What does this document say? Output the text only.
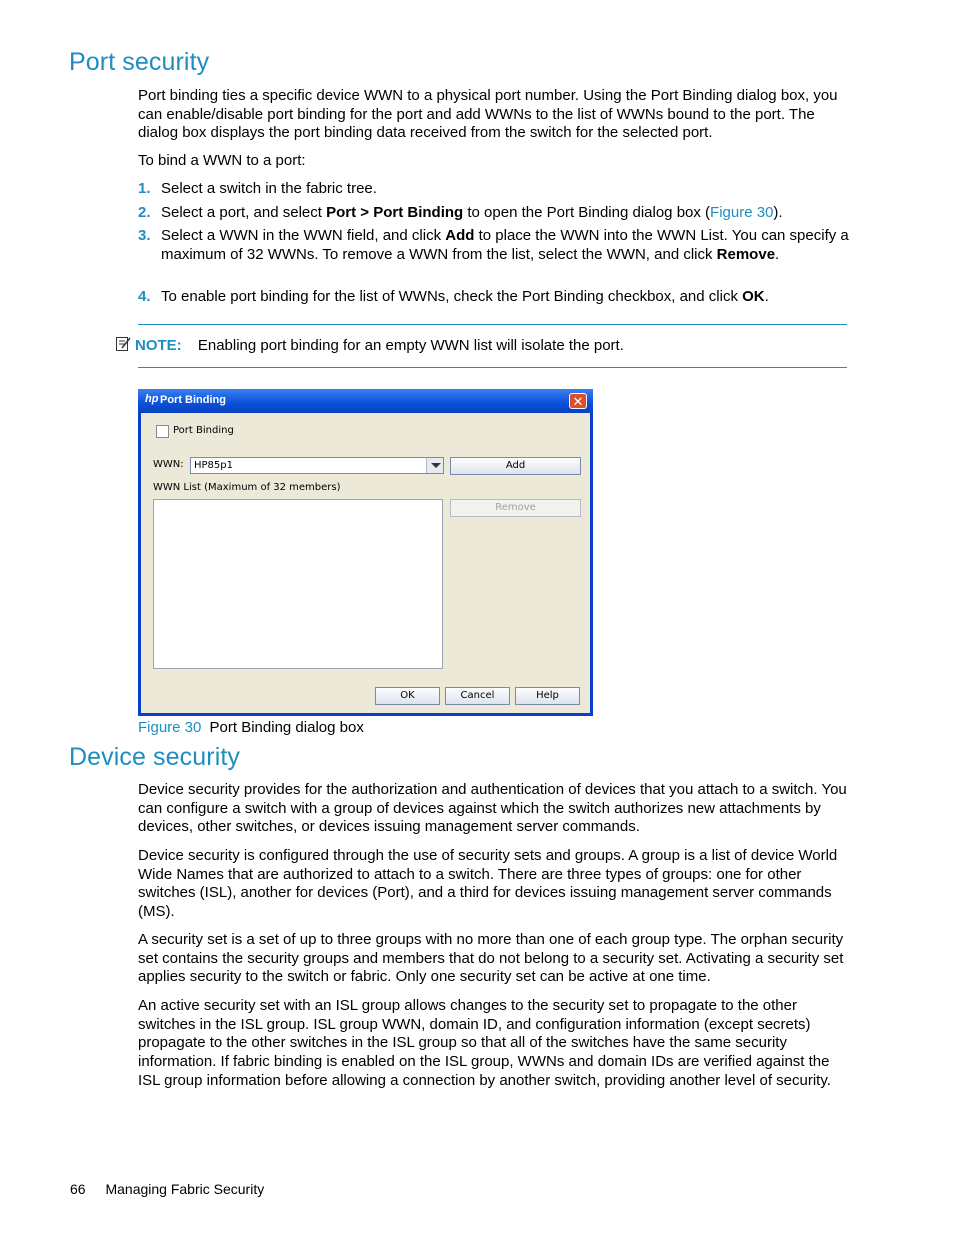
Port security

Port binding ties a specific device WWN to a physical port number. Using the Port Binding dialog box, you can enable/disable port binding for the port and add WWNs to the list of WWNs bound to the port. The dialog box displays the port binding data received from the switch for the selected port.

To bind a WWN to a port:

1. Select a switch in the fabric tree.
2. Select a port, and select Port > Port Binding to open the Port Binding dialog box (Figure 30).
3. Select a WWN in the WWN field, and click Add to place the WWN into the WWN List. You can specify a maximum of 32 WWNs. To remove a WWN from the list, select the WWN, and click Remove.
4. To enable port binding for the list of WWNs, check the Port Binding checkbox, and click OK.
NOTE: Enabling port binding for an empty WWN list will isolate the port.
hp Port Binding	✕
Port Binding
WWN: HP85p1	Add
WWN List (Maximum of 32 members)
Remove
OK	Cancel	Help
Figure 30 Port Binding dialog box
Device security

Device security provides for the authorization and authentication of devices that you attach to a switch. You can configure a switch with a group of devices against which the switch authorizes new attachments by devices, other switches, or devices issuing management server commands.

Device security is configured through the use of security sets and groups. A group is a list of device World Wide Names that are authorized to attach to a switch. There are three types of groups: one for other switches (ISL), another for devices (Port), and a third for devices issuing management server commands (MS).

A security set is a set of up to three groups with no more than one of each group type. The orphan security set contains the security groups and members that do not belong to a security set. Activating a security set applies security to the switch or fabric. Only one security set can be active at one time.

An active security set with an ISL group allows changes to the security set to propagate to the other switches in the ISL group. ISL group WWN, domain ID, and configuration information (except secrets) propagate to the other switches in the ISL group so that all of the switches have the same security information. If fabric binding is enabled on the ISL group, WWNs and domain IDs are verified against the ISL group information before allowing a connection by another switch, providing another level of security.

66 Managing Fabric Security
